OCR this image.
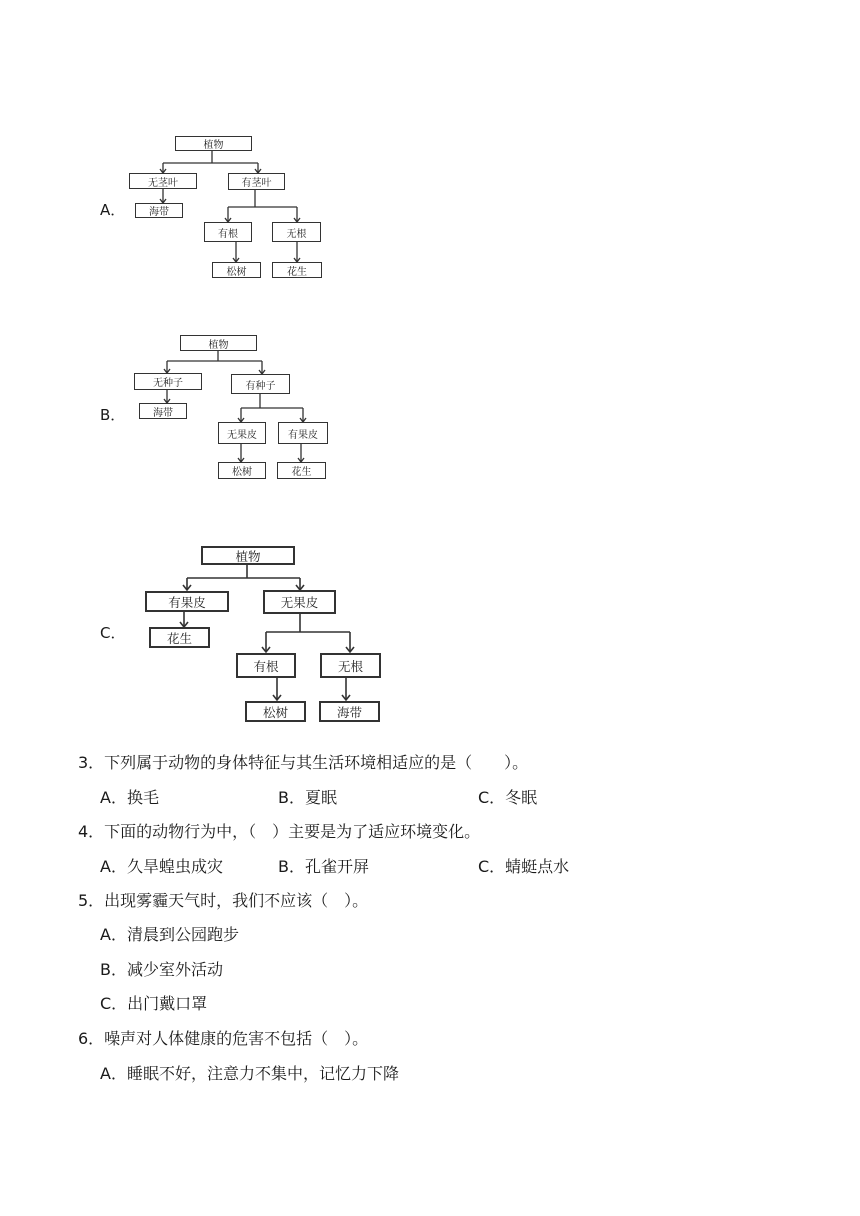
A．
植物
无茎叶
海带
有茎叶
有根	无根
松树	花生
B．
植物
无种子
海带
有种子
无果皮	有果皮
松树	花生
C．
植物
有果皮
花生
无果皮
有根	无根
松树	海带
3．下列属于动物的身体特征与其生活环境相适应的是（　　）。
A．换毛	B．夏眠	C．冬眠
4．下面的动物行为中，（　）主要是为了适应环境变化。
A．久旱蝗虫成灾	B．孔雀开屏	C．蜻蜓点水
5．出现雾霾天气时，我们不应该（　）。
A．清晨到公园跑步
B．减少室外活动
C．出门戴口罩
6．噪声对人体健康的危害不包括（　）。
A．睡眠不好，注意力不集中，记忆力下降
